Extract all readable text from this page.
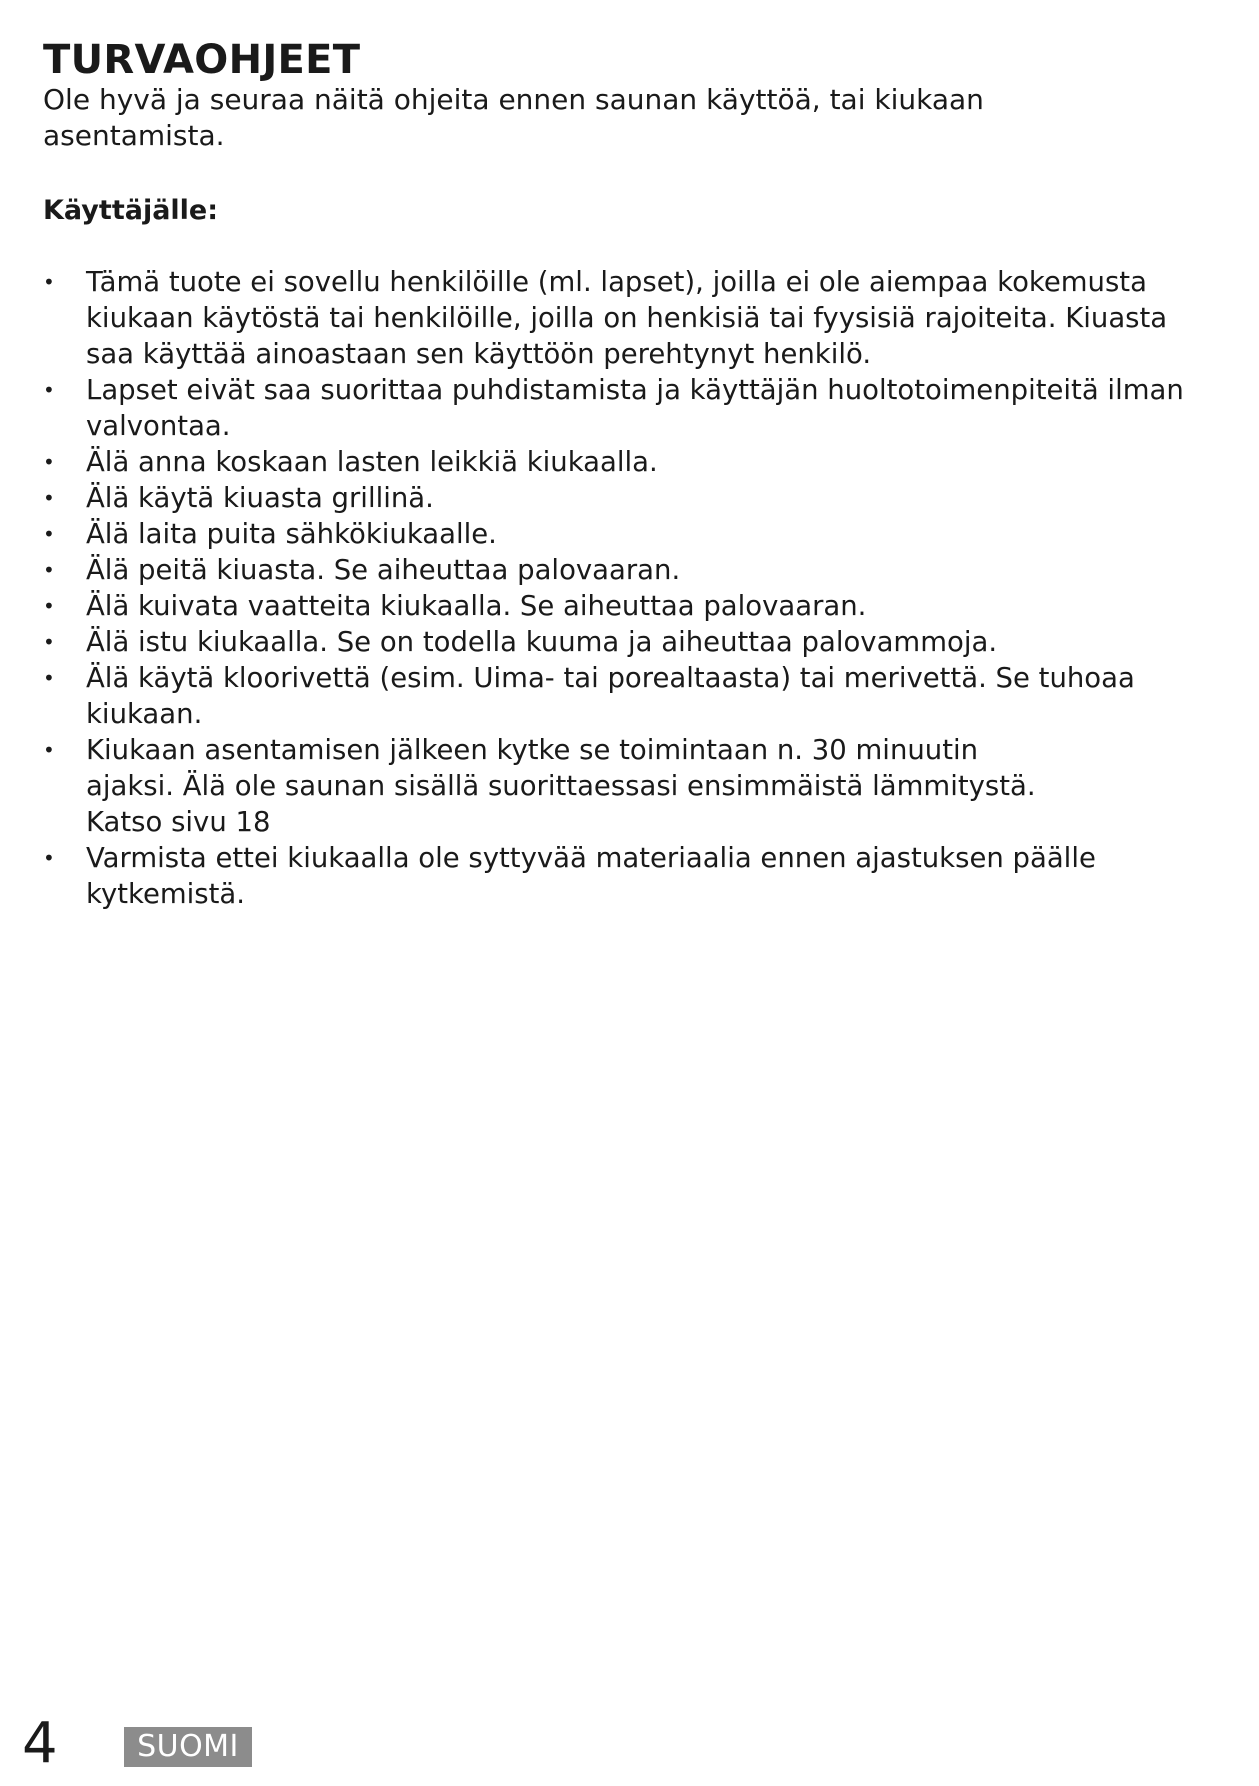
TURVAOHJEET

Ole hyvä ja seuraa näitä ohjeita ennen saunan käyttöä, tai kiukaan asentamista.

Käyttäjälle:
• Tämä tuote ei sovellu henkilöille (ml. lapset), joilla ei ole aiempaa kokemusta kiukaan käytöstä tai henkilöille, joilla on henkisiä tai fyysisiä rajoiteita. Kiuasta saa käyttää ainoastaan sen käyttöön perehtynyt henkilö.
• Lapset eivät saa suorittaa puhdistamista ja käyttäjän huoltotoimenpiteitä ilman valvontaa.
• Älä anna koskaan lasten leikkiä kiukaalla.
• Älä käytä kiuasta grillinä.
• Älä laita puita sähkökiukaalle.
• Älä peitä kiuasta. Se aiheuttaa palovaaran.
• Älä kuivata vaatteita kiukaalla. Se aiheuttaa palovaaran.
• Älä istu kiukaalla. Se on todella kuuma ja aiheuttaa palovammoja.
• Älä käytä kloorivettä (esim. Uima- tai porealtaasta) tai merivettä. Se tuhoaa kiukaan.
• Kiukaan asentamisen jälkeen kytke se toimintaan n. 30 minuutin ajaksi. Älä ole saunan sisällä suorittaessasi ensimmäistä lämmitystä. Katso sivu 18
• Varmista ettei kiukaalla ole syttyvää materiaalia ennen ajastuksen päälle kytkemistä.
4	SUOMI
